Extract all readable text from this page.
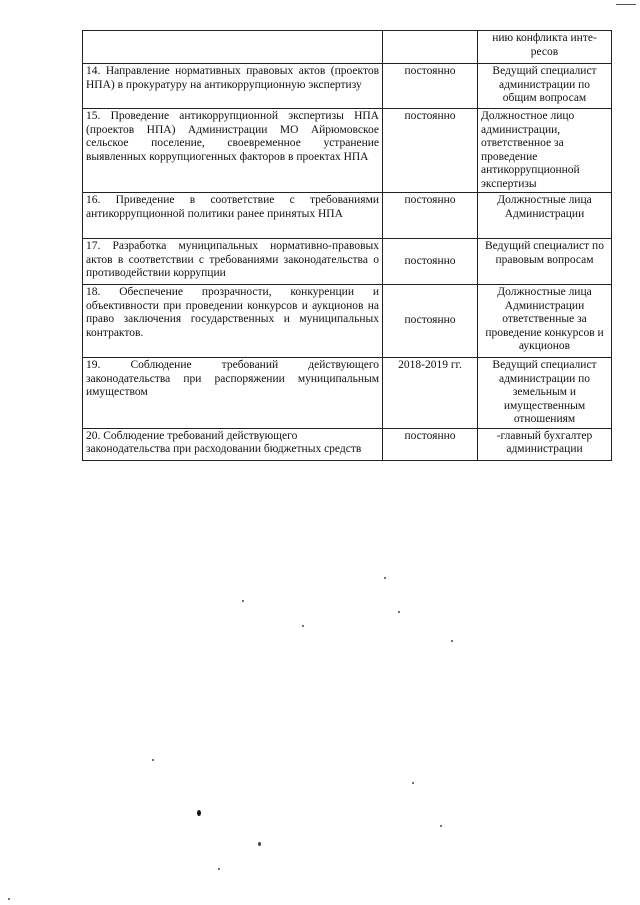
		нию конфликта инте-
ресов
14. Направление нормативных правовых актов (проектов НПА) в прокуратуру на антикоррупционную экспертизу	постоянно	Ведущий специалист администрации по общим вопросам
15. Проведение антикоррупционной экспертизы НПА (проектов НПА) Администрации МО Айрюмовское сельское поселение, своевременное устранение выявленных коррупциогенных факторов в проектах НПА	постоянно	Должностное лицо администрации, ответственное за проведение антикоррупционной экспертизы
16. Приведение в соответствие с требованиями антикоррупционной политики ранее принятых НПА	постоянно	Должностные лица Администрации
17. Разработка муниципальных нормативно-правовых актов в соответствии с требованиями законодательства о противодействии коррупции	постоянно	Ведущий специалист по правовым вопросам
18. Обеспечение прозрачности, конкуренции и объективности при проведении конкурсов и аукционов на право заключения государственных и муниципальных контрактов.	постоянно	Должностные лица Администрации ответственные за проведение конкурсов и аукционов
19. Соблюдение требований действующего законодательства при распоряжении муниципальным имуществом	2018-2019 гг.	Ведущий специалист администрации по земельным и имущественным отношениям
20. Соблюдение требований действующего законодательства при расходовании бюджетных средств	постоянно	-главный бухгалтер администрации
